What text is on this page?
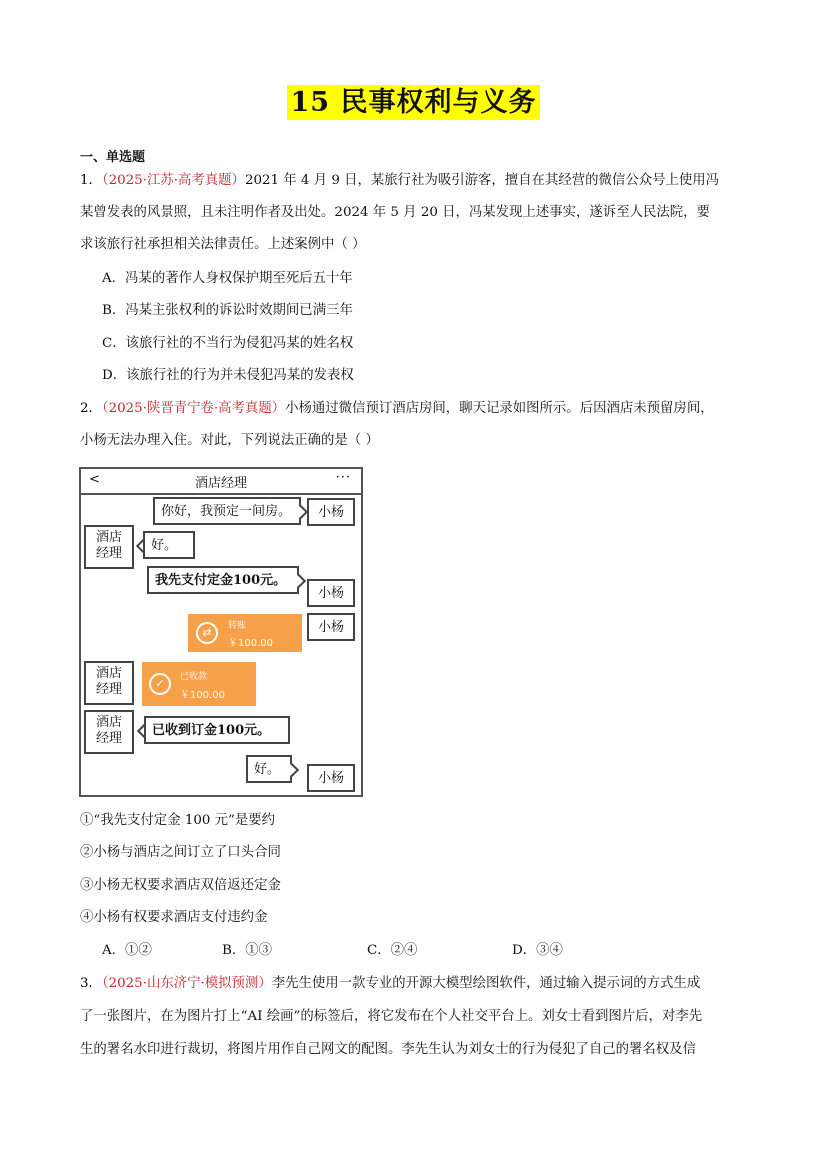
15 民事权利与义务
一、单选题
1．（2025·江苏·高考真题）2021 年 4 月 9 日，某旅行社为吸引游客，擅自在其经营的微信公众号上使用冯
某曾发表的风景照，且未注明作者及出处。2024 年 5 月 20 日，冯某发现上述事实，遂诉至人民法院，要
求该旅行社承担相关法律责任。上述案例中（ ）
A．冯某的著作人身权保护期至死后五十年
B．冯某主张权利的诉讼时效期间已满三年
C．该旅行社的不当行为侵犯冯某的姓名权
D．该旅行社的行为并未侵犯冯某的发表权
2．（2025·陕晋青宁卷·高考真题）小杨通过微信预订酒店房间，聊天记录如图所示。后因酒店未预留房间，
小杨无法办理入住。对此，下列说法正确的是（ ）
<	酒店经理	···
你好，我预定一间房。	小杨
酒店
经理
好。
我先支付定金100元。
小杨
⇄	转账
￥100.00
小杨
酒店
经理	✓	已收款
￥100.00
酒店
经理
已收到订金100元。
好。
小杨
①“我先支付定金 100 元”是要约
②小杨与酒店之间订立了口头合同
③小杨无权要求酒店双倍返还定金
④小杨有权要求酒店支付违约金
A．①②	B．①③	C．②④	D．③④
3．（2025·山东济宁·模拟预测）李先生使用一款专业的开源大模型绘图软件，通过输入提示词的方式生成
了一张图片，在为图片打上“AI 绘画”的标签后，将它发布在个人社交平台上。刘女士看到图片后，对李先
生的署名水印进行裁切，将图片用作自己网文的配图。李先生认为刘女士的行为侵犯了自己的署名权及信
